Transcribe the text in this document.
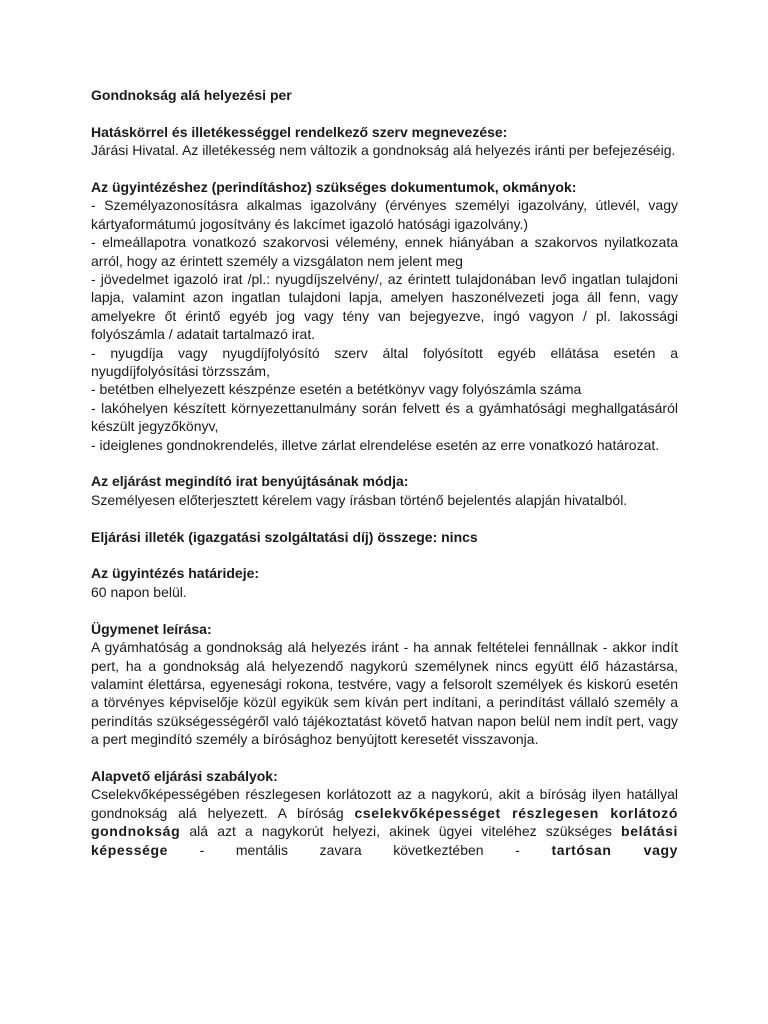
Gondnokság alá helyezési per

Hatáskörrel és illetékességgel rendelkező szerv megnevezése:

Járási Hivatal. Az illetékesség nem változik a gondnokság alá helyezés iránti per befejezéséig.

Az ügyintézéshez (perindításhoz) szükséges dokumentumok, okmányok:

- Személyazonosításra alkalmas igazolvány (érvényes személyi igazolvány, útlevél, vagy kártyaformátumú jogosítvány és lakcímet igazoló hatósági igazolvány.)

- elmeállapotra vonatkozó szakorvosi vélemény, ennek hiányában a szakorvos nyilatkozata arról, hogy az érintett személy a vizsgálaton nem jelent meg

- jövedelmet igazoló irat /pl.: nyugdíjszelvény/, az érintett tulajdonában levő ingatlan tulajdoni lapja, valamint azon ingatlan tulajdoni lapja, amelyen haszonélvezeti joga áll fenn, vagy amelyekre őt érintő egyéb jog vagy tény van bejegyezve, ingó vagyon / pl. lakossági folyószámla / adatait tartalmazó irat.

- nyugdíja vagy nyugdíjfolyósító szerv által folyósított egyéb ellátása esetén a nyugdíjfolyósítási törzsszám,

- betétben elhelyezett készpénze esetén a betétkönyv vagy folyószámla száma

- lakóhelyen készített környezettanulmány során felvett és a gyámhatósági meghallgatásáról készült jegyzőkönyv,

- ideiglenes gondnokrendelés, illetve zárlat elrendelése esetén az erre vonatkozó határozat.

Az eljárást megindító irat benyújtásának módja:

Személyesen előterjesztett kérelem vagy írásban történő bejelentés alapján hivatalból.

Eljárási illeték (igazgatási szolgáltatási díj) összege: nincs

Az ügyintézés határideje:

60 napon belül.

Ügymenet leírása:

A gyámhatóság a gondnokság alá helyezés iránt - ha annak feltételei fennállnak - akkor indít pert, ha a gondnokság alá helyezendő nagykorú személynek nincs együtt élő házastársa, valamint élettársa, egyenesági rokona, testvére, vagy a felsorolt személyek és kiskorú esetén a törvényes képviselője közül egyikük sem kíván pert indítani, a perindítást vállaló személy a perindítás szükségességéről való tájékoztatást követő hatvan napon belül nem indít pert, vagy a pert megindító személy a bírósághoz benyújtott keresetét visszavonja.

Alapvető eljárási szabályok:

Cselekvőképességében részlegesen korlátozott az a nagykorú, akit a bíróság ilyen hatállyal gondnokság alá helyezett. A bíróság cselekvőképességet részlegesen korlátozó gondnokság alá azt a nagykorút helyezi, akinek ügyei viteléhez szükséges belátási képessége - mentális zavara következtében - tartósan vagy
